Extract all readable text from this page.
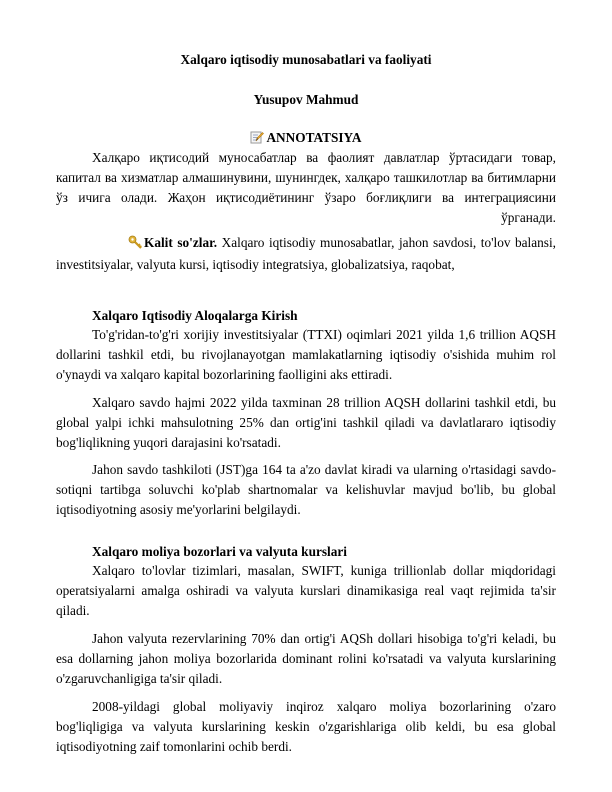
Xalqaro iqtisodiy munosabatlari va faoliyati

Yusupov Mahmud

ANNOTATSIYA

Халқаро иқтисодий муносабатлар ва фаолият давлатлар ўртасидаги товар, капитал ва хизматлар алмашинувини, шунингдек, халқаро ташкилотлар ва битимларни ўз ичига олади. Жаҳон иқтисодиётининг ўзаро боғлиқлиги ва интеграциясини

ўрганади.

Kalit so'zlar. Xalqaro iqtisodiy munosabatlar, jahon savdosi, to'lov balansi, investitsiyalar, valyuta kursi, iqtisodiy integratsiya, globalizatsiya, raqobat,

Xalqaro Iqtisodiy Aloqalarga Kirish

To'g'ridan-to'g'ri xorijiy investitsiyalar (TTXI) oqimlari 2021 yilda 1,6 trillion AQSH dollarini tashkil etdi, bu rivojlanayotgan mamlakatlarning iqtisodiy o'sishida muhim rol o'ynaydi va xalqaro kapital bozorlarining faolligini aks ettiradi.

Xalqaro savdo hajmi 2022 yilda taxminan 28 trillion AQSH dollarini tashkil etdi, bu global yalpi ichki mahsulotning 25% dan ortig'ini tashkil qiladi va davlatlararo iqtisodiy bog'liqlikning yuqori darajasini ko'rsatadi.

Jahon savdo tashkiloti (JST)ga 164 ta a'zo davlat kiradi va ularning o'rtasidagi savdo-sotiqni tartibga soluvchi ko'plab shartnomalar va kelishuvlar mavjud bo'lib, bu global iqtisodiyotning asosiy me'yorlarini belgilaydi.

Xalqaro moliya bozorlari va valyuta kurslari

Xalqaro to'lovlar tizimlari, masalan, SWIFT, kuniga trillionlab dollar miqdoridagi operatsiyalarni amalga oshiradi va valyuta kurslari dinamikasiga real vaqt rejimida ta'sir qiladi.

Jahon valyuta rezervlarining 70% dan ortig'i AQSh dollari hisobiga to'g'ri keladi, bu esa dollarning jahon moliya bozorlarida dominant rolini ko'rsatadi va valyuta kurslarining o'zgaruvchanligiga ta'sir qiladi.

2008-yildagi global moliyaviy inqiroz xalqaro moliya bozorlarining o'zaro bog'liqligiga va valyuta kurslarining keskin o'zgarishlariga olib keldi, bu esa global iqtisodiyotning zaif tomonlarini ochib berdi.
